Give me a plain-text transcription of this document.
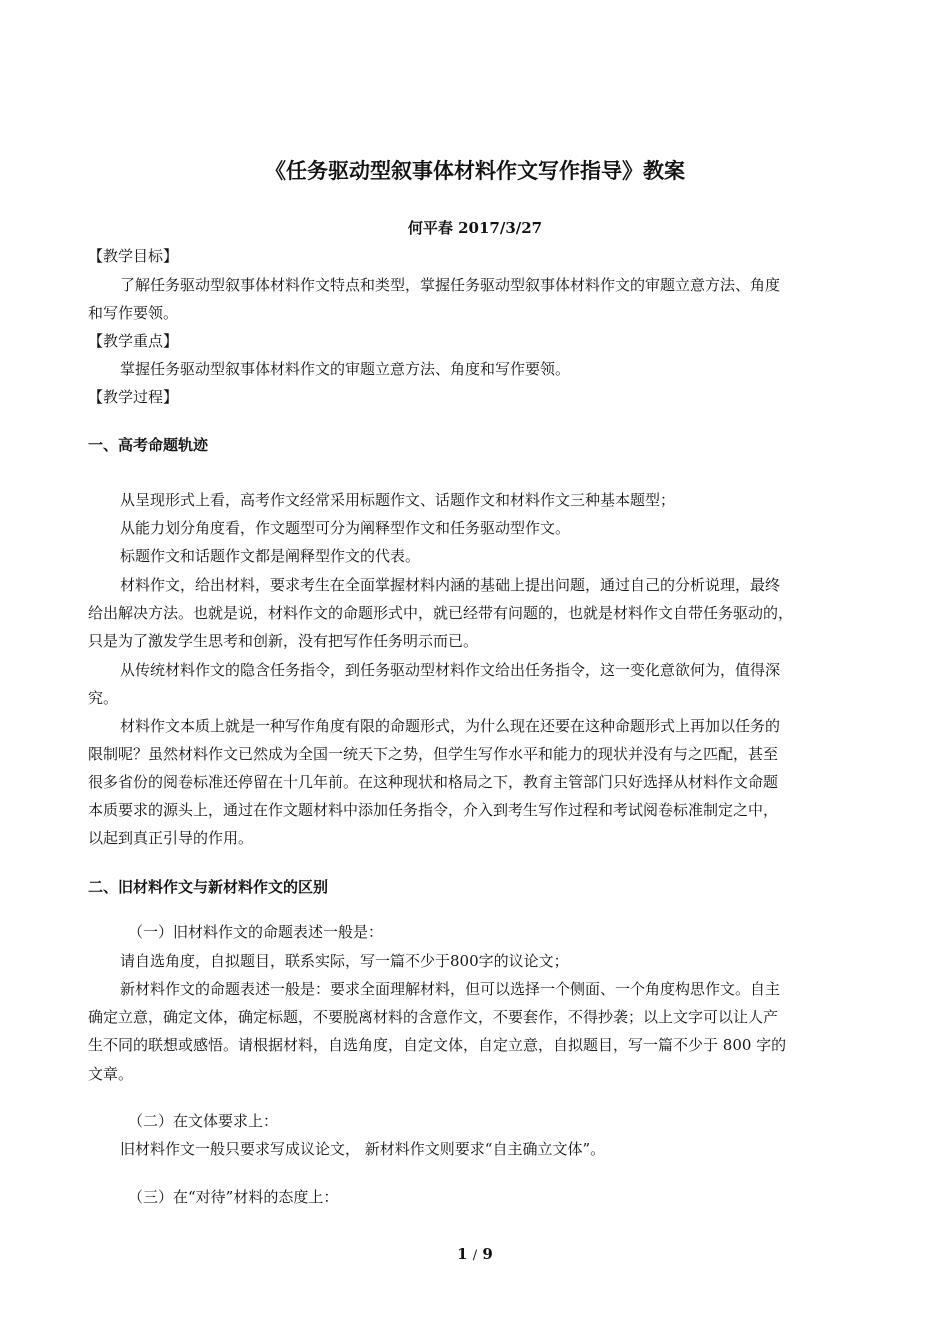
《任务驱动型叙事体材料作文写作指导》教案
何平春 2017/3/27
【教学目标】
了解任务驱动型叙事体材料作文特点和类型，掌握任务驱动型叙事体材料作文的审题立意方法、角度
和写作要领。
【教学重点】
掌握任务驱动型叙事体材料作文的审题立意方法、角度和写作要领。
【教学过程】
一、高考命题轨迹
从呈现形式上看，高考作文经常采用标题作文、话题作文和材料作文三种基本题型；
从能力划分角度看，作文题型可分为阐释型作文和任务驱动型作文。
标题作文和话题作文都是阐释型作文的代表。
材料作文，给出材料，要求考生在全面掌握材料内涵的基础上提出问题，通过自己的分析说理，最终
给出解决方法。也就是说，材料作文的命题形式中，就已经带有问题的，也就是材料作文自带任务驱动的，
只是为了激发学生思考和创新，没有把写作任务明示而已。
从传统材料作文的隐含任务指令，到任务驱动型材料作文给出任务指令，这一变化意欲何为，值得深
究。
材料作文本质上就是一种写作角度有限的命题形式，为什么现在还要在这种命题形式上再加以任务的
限制呢？虽然材料作文已然成为全国一统天下之势，但学生写作水平和能力的现状并没有与之匹配，甚至
很多省份的阅卷标准还停留在十几年前。在这种现状和格局之下，教育主管部门只好选择从材料作文命题
本质要求的源头上，通过在作文题材料中添加任务指令，介入到考生写作过程和考试阅卷标准制定之中，
以起到真正引导的作用。
二、旧材料作文与新材料作文的区别
（一）旧材料作文的命题表述一般是：
请自选角度，自拟题目，联系实际，写一篇不少于800字的议论文；
新材料作文的命题表述一般是：要求全面理解材料，但可以选择一个侧面、一个角度构思作文。自主
确定立意，确定文体，确定标题，不要脱离材料的含意作文，不要套作，不得抄袭；以上文字可以让人产
生不同的联想或感悟。请根据材料，自选角度，自定文体，自定立意，自拟题目，写一篇不少于 800 字的
文章。
（二）在文体要求上：
旧材料作文一般只要求写成议论文， 新材料作文则要求“自主确立文体”。
（三）在“对待”材料的态度上：
1 / 9
